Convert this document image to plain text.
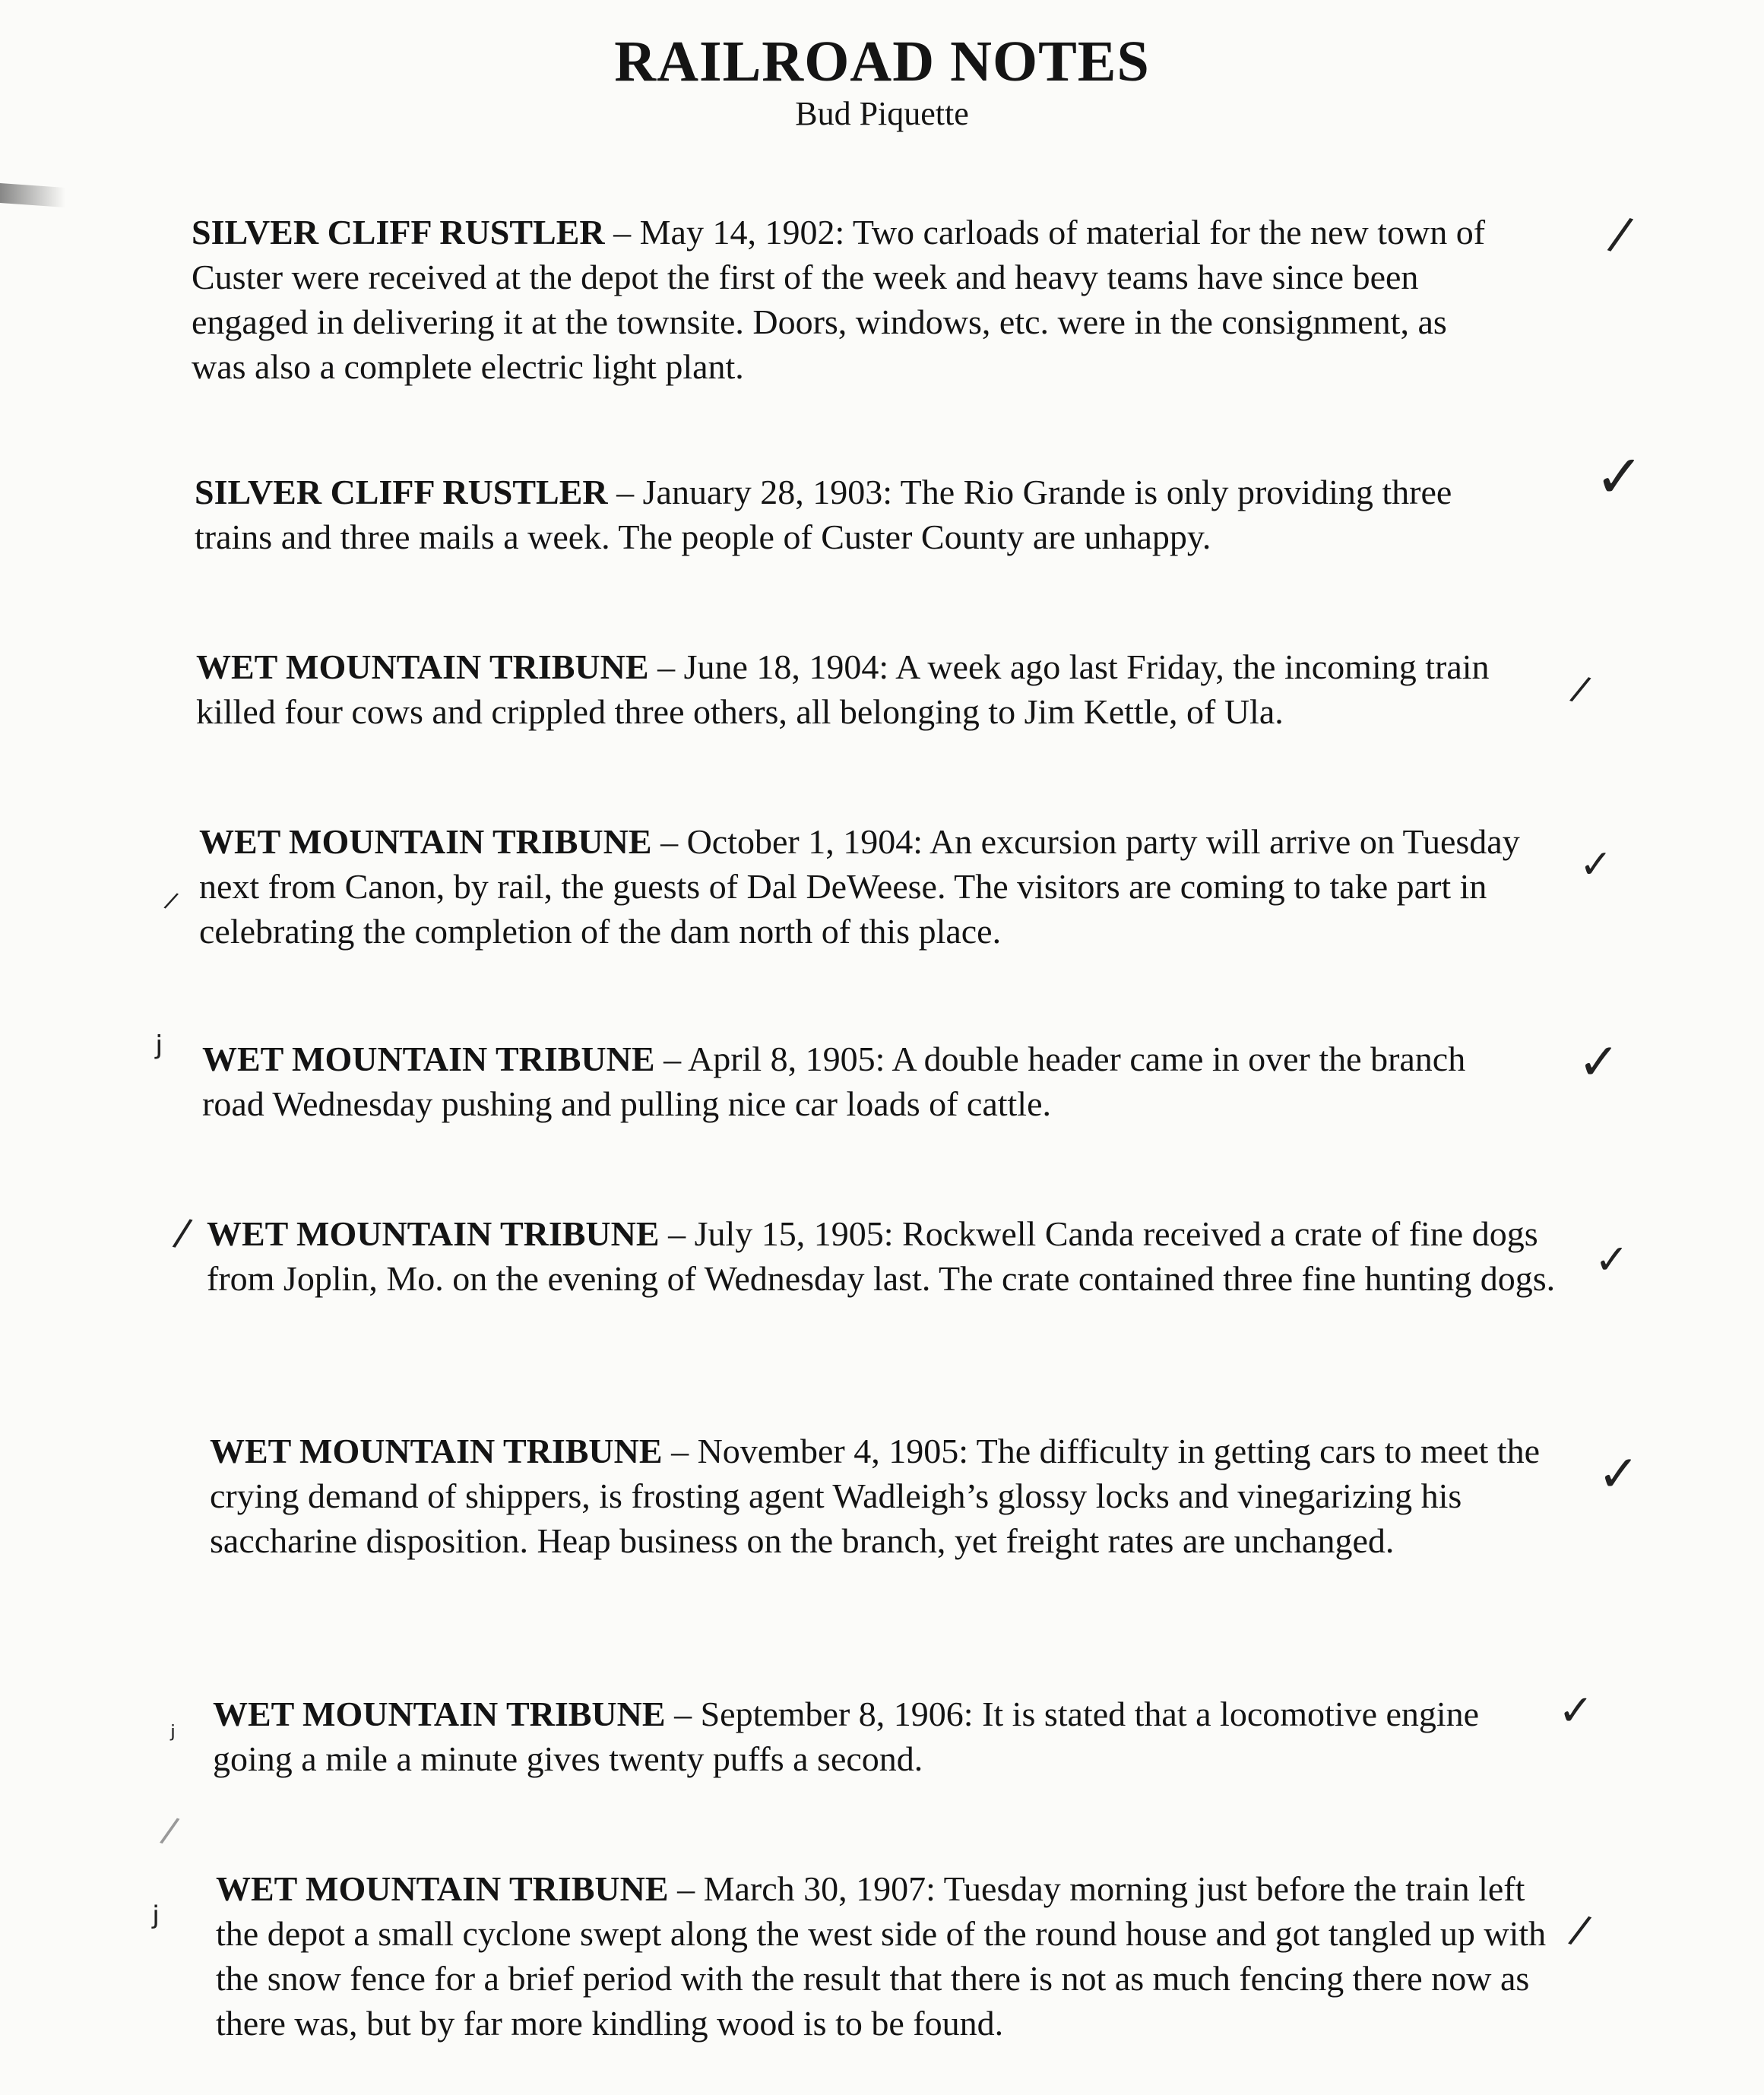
RAILROAD NOTES

Bud Piquette

SILVER CLIFF RUSTLER – May 14, 1902: Two carloads of material for the new town of Custer were received at the depot the first of the week and heavy teams have since been engaged in delivering it at the townsite. Doors, windows, etc. were in the consignment, as was also a complete electric light plant.

SILVER CLIFF RUSTLER – January 28, 1903: The Rio Grande is only providing three trains and three mails a week. The people of Custer County are unhappy.

WET MOUNTAIN TRIBUNE – June 18, 1904: A week ago last Friday, the incoming train killed four cows and crippled three others, all belonging to Jim Kettle, of Ula.

WET MOUNTAIN TRIBUNE – October 1, 1904: An excursion party will arrive on Tuesday next from Canon, by rail, the guests of Dal DeWeese. The visitors are coming to take part in celebrating the completion of the dam north of this place.

WET MOUNTAIN TRIBUNE – April 8, 1905: A double header came in over the branch road Wednesday pushing and pulling nice car loads of cattle.

WET MOUNTAIN TRIBUNE – July 15, 1905: Rockwell Canda received a crate of fine dogs from Joplin, Mo. on the evening of Wednesday last. The crate contained three fine hunting dogs.

WET MOUNTAIN TRIBUNE – November 4, 1905: The difficulty in getting cars to meet the crying demand of shippers, is frosting agent Wadleigh’s glossy locks and vinegarizing his saccharine disposition. Heap business on the branch, yet freight rates are unchanged.

WET MOUNTAIN TRIBUNE – September 8, 1906: It is stated that a locomotive engine going a mile a minute gives twenty puffs a second.

WET MOUNTAIN TRIBUNE – March 30, 1907: Tuesday morning just before the train left the depot a small cyclone swept along the west side of the round house and got tangled up with the snow fence for a brief period with the result that there is not as much fencing there now as there was, but by far more kindling wood is to be found.

/
✓
/
✓
✓
✓
✓
✓
/
/
ʲ
/
ʲ
/
ʲ
